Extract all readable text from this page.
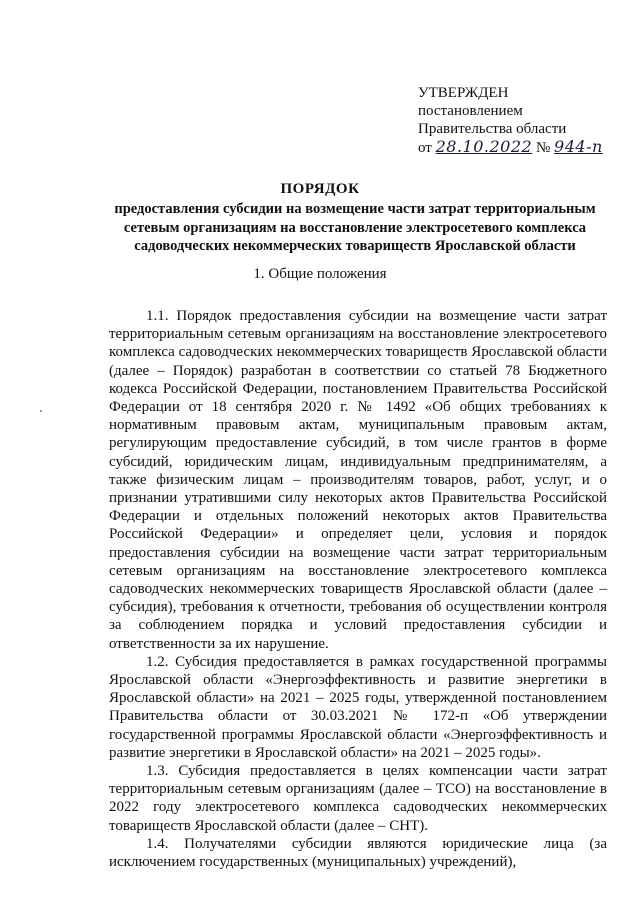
УТВЕРЖДЕН
постановлением
Правительства области
от 28.10.2022 № 944-п
ПОРЯДОК
предоставления субсидии на возмещение части затрат территориальным сетевым организациям на восстановление электросетевого комплекса садоводческих некоммерческих товариществ Ярославской области
1. Общие положения

1.1. Порядок предоставления субсидии на возмещение части затрат территориальным сетевым организациям на восстановление электросетевого комплекса садоводческих некоммерческих товариществ Ярославской области (далее – Порядок) разработан в соответствии со статьей 78 Бюджетного кодекса Российской Федерации, постановлением Правительства Российской Федерации от 18 сентября 2020 г. № 1492 «Об общих требованиях к нормативным правовым актам, муниципальным правовым актам, регулирующим предоставление субсидий, в том числе грантов в форме субсидий, юридическим лицам, индивидуальным предпринимателям, а также физическим лицам – производителям товаров, работ, услуг, и о признании утратившими силу некоторых актов Правительства Российской Федерации и отдельных положений некоторых актов Правительства Российской Федерации» и определяет цели, условия и порядок предоставления субсидии на возмещение части затрат территориальным сетевым организациям на восстановление электросетевого комплекса садоводческих некоммерческих товариществ Ярославской области (далее – субсидия), требования к отчетности, требования об осуществлении контроля за соблюдением порядка и условий предоставления субсидии и ответственности за их нарушение.

1.2. Субсидия предоставляется в рамках государственной программы Ярославской области «Энергоэффективность и развитие энергетики в Ярославской области» на 2021 – 2025 годы, утвержденной постановлением Правительства области от 30.03.2021 № 172-п «Об утверждении государственной программы Ярославской области «Энергоэффективность и развитие энергетики в Ярославской области» на 2021 – 2025 годы».

1.3. Субсидия предоставляется в целях компенсации части затрат территориальным сетевым организациям (далее – ТСО) на восстановление в 2022 году электросетевого комплекса садоводческих некоммерческих товариществ Ярославской области (далее – СНТ).

1.4. Получателями субсидии являются юридические лица (за исключением государственных (муниципальных) учреждений),
